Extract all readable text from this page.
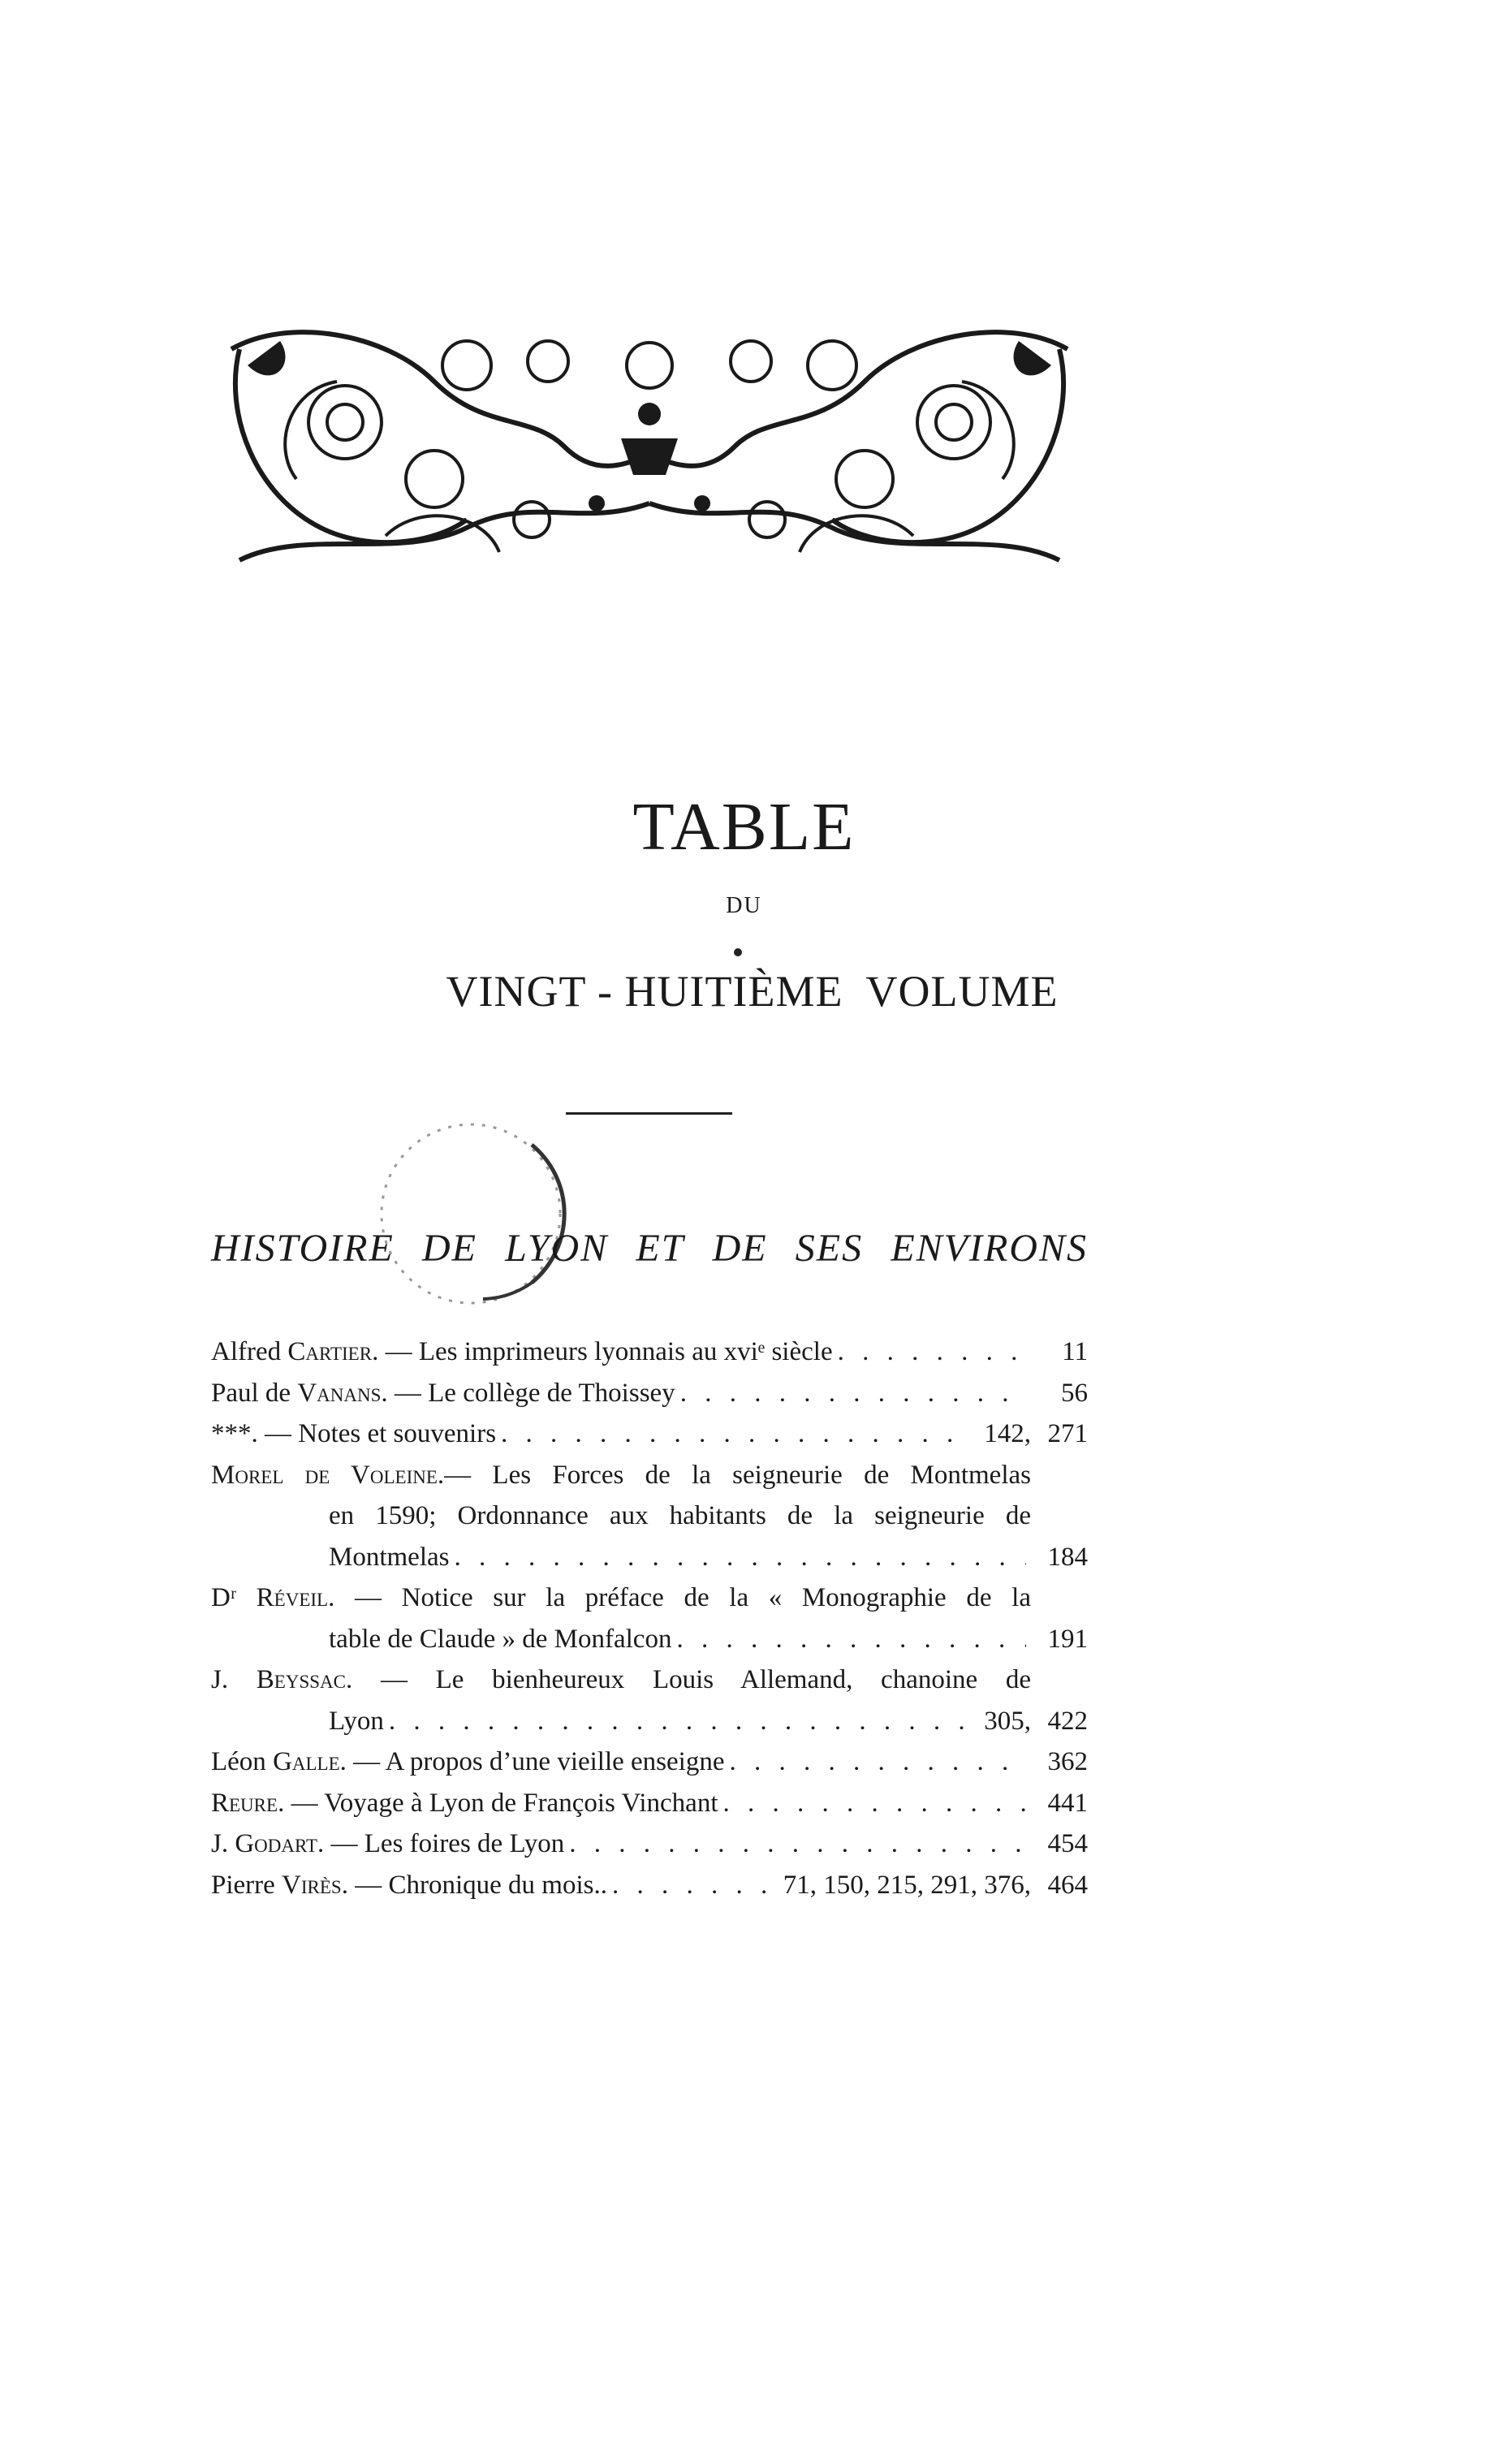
TABLE
DU
VINGT - HUITIÈME  VOLUME
HISTOIRE DE LYON ET DE SES ENVIRONS
Alfred Cartier. — Les imprimeurs lyonnais au xviᵉ siècle . . .	11
Paul de Vanans. — Le collège de Thoissey . . .	56
***. — Notes et souvenirs . . .	142, 271
Morel de Voleine.— Les Forces de la seigneurie de Montmelas
en 1590; Ordonnance aux habitants de la seigneurie de
Montmelas . . .	184
Dʳ Réveil. — Notice sur la préface de la « Monographie de la
table de Claude » de Monfalcon . . .	191
J. Beyssac. — Le bienheureux Louis Allemand, chanoine de
Lyon . . .	305, 422
Léon Galle. — A propos d’une vieille enseigne . . .	362
Reure. — Voyage à Lyon de François Vinchant . . .	441
J. Godart. — Les foires de Lyon . . .	454
Pierre Virès. — Chronique du mois.. . . .	71, 150, 215, 291, 376, 464
